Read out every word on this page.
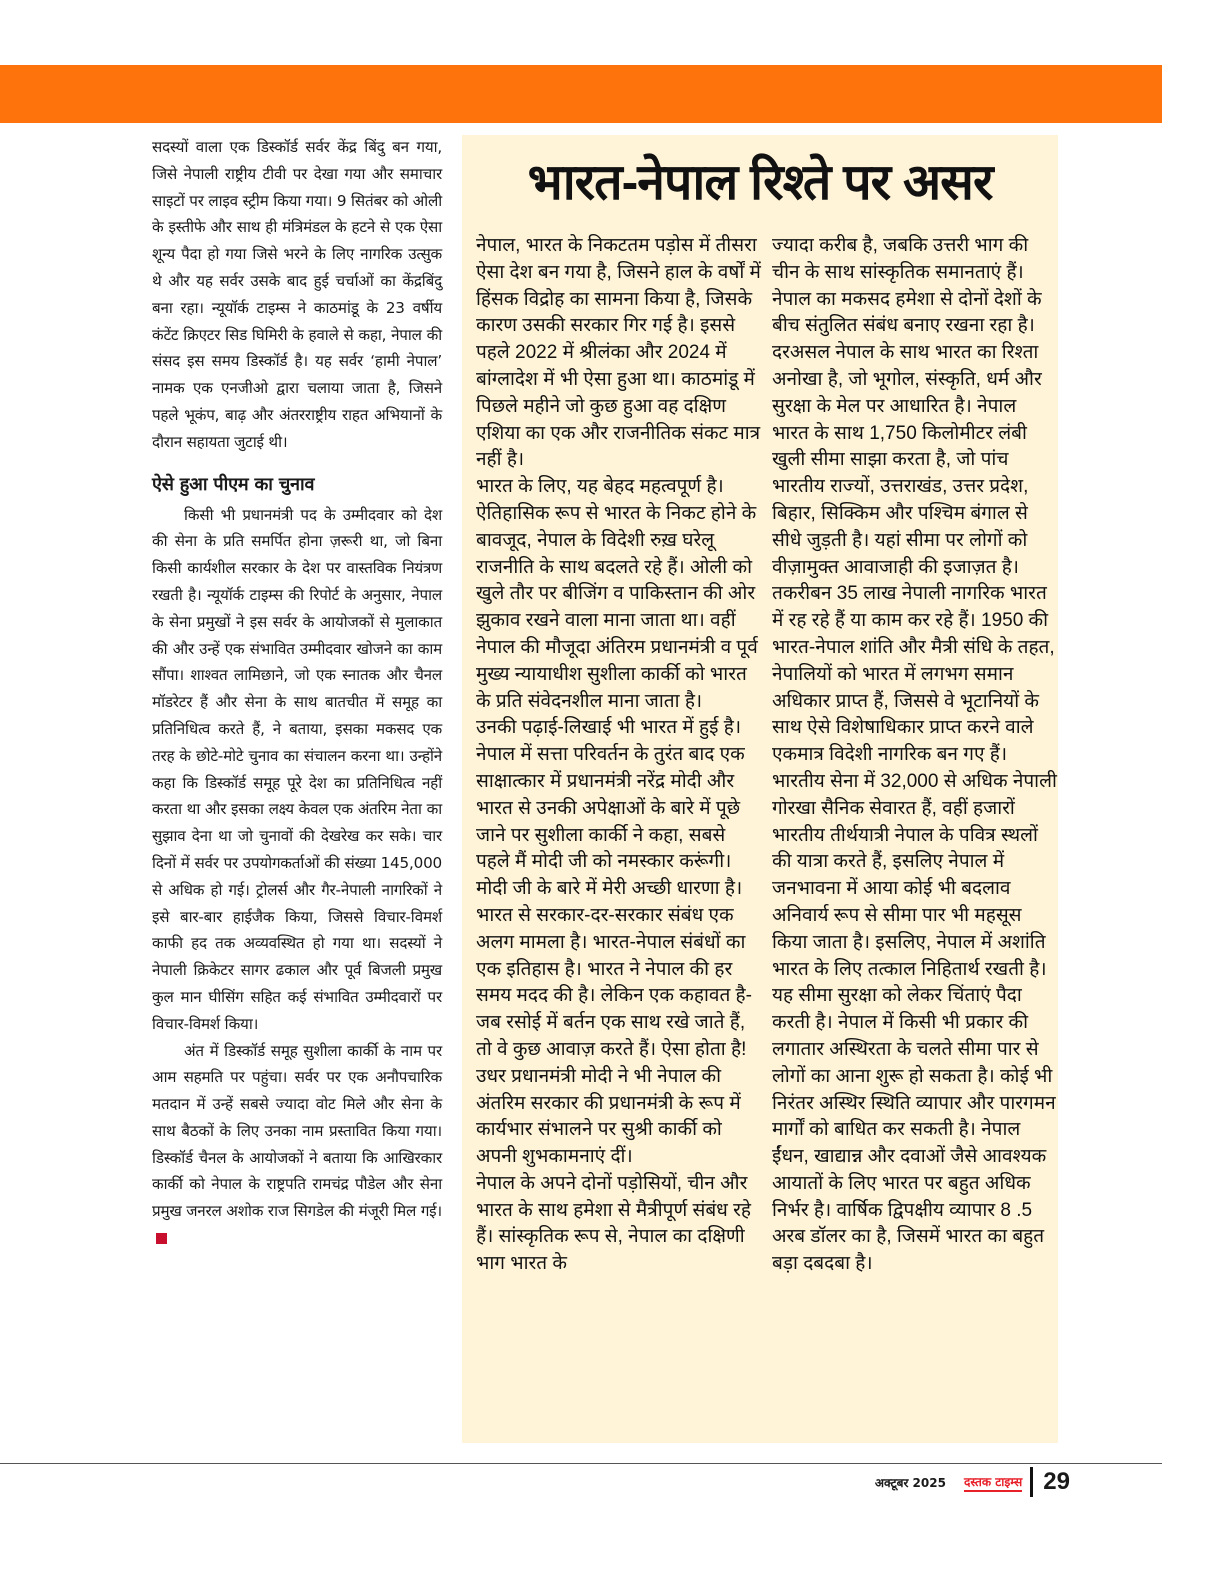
सदस्यों वाला एक डिस्कॉर्ड सर्वर केंद्र बिंदु बन गया, जिसे नेपाली राष्ट्रीय टीवी पर देखा गया और समाचार साइटों पर लाइव स्ट्रीम किया गया। 9 सितंबर को ओली के इस्तीफे और साथ ही मंत्रिमंडल के हटने से एक ऐसा शून्य पैदा हो गया जिसे भरने के लिए नागरिक उत्सुक थे और यह सर्वर उसके बाद हुई चर्चाओं का केंद्रबिंदु बना रहा। न्यूयॉर्क टाइम्स ने काठमांडू के 23 वर्षीय कंटेंट क्रिएटर सिड घिमिरी के हवाले से कहा, नेपाल की संसद इस समय डिस्कॉर्ड है। यह सर्वर ‘हामी नेपाल’ नामक एक एनजीओ द्वारा चलाया जाता है, जिसने पहले भूकंप, बाढ़ और अंतरराष्ट्रीय राहत अभियानों के दौरान सहायता जुटाई थी।

ऐसे हुआ पीएम का चुनाव

किसी भी प्रधानमंत्री पद के उम्मीदवार को देश की सेना के प्रति समर्पित होना ज़रूरी था, जो बिना किसी कार्यशील सरकार के देश पर वास्तविक नियंत्रण रखती है। न्यूयॉर्क टाइम्स की रिपोर्ट के अनुसार, नेपाल के सेना प्रमुखों ने इस सर्वर के आयोजकों से मुलाकात की और उन्हें एक संभावित उम्मीदवार खोजने का काम सौंपा। शाश्वत लामिछाने, जो एक स्नातक और चैनल मॉडरेटर हैं और सेना के साथ बातचीत में समूह का प्रतिनिधित्व करते हैं, ने बताया, इसका मकसद एक तरह के छोटे-मोटे चुनाव का संचालन करना था। उन्होंने कहा कि डिस्कॉर्ड समूह पूरे देश का प्रतिनिधित्व नहीं करता था और इसका लक्ष्य केवल एक अंतरिम नेता का सुझाव देना था जो चुनावों की देखरेख कर सके। चार दिनों में सर्वर पर उपयोगकर्ताओं की संख्या 145,000 से अधिक हो गई। ट्रोलर्स और गैर-नेपाली नागरिकों ने इसे बार-बार हाईजैक किया, जिससे विचार-विमर्श काफी हद तक अव्यवस्थित हो गया था। सदस्यों ने नेपाली क्रिकेटर सागर ढकाल और पूर्व बिजली प्रमुख कुल मान घीसिंग सहित कई संभावित उम्मीदवारों पर विचार-विमर्श किया।

अंत में डिस्कॉर्ड समूह सुशीला कार्की के नाम पर आम सहमति पर पहुंचा। सर्वर पर एक अनौपचारिक मतदान में उन्हें सबसे ज्यादा वोट मिले और सेना के साथ बैठकों के लिए उनका नाम प्रस्तावित किया गया। डिस्कॉर्ड चैनल के आयोजकों ने बताया कि आखिरकार कार्की को नेपाल के राष्ट्रपति रामचंद्र पौडेल और सेना प्रमुख जनरल अशोक राज सिगडेल की मंजूरी मिल गई।

भारत-नेपाल रिश्ते पर असर

नेपाल, भारत के निकटतम पड़ोस में तीसरा ऐसा देश बन गया है, जिसने हाल के वर्षों में हिंसक विद्रोह का सामना किया है, जिसके कारण उसकी सरकार गिर गई है। इससे पहले 2022 में श्रीलंका और 2024 में बांग्लादेश में भी ऐसा हुआ था। काठमांडू में पिछले महीने जो कुछ हुआ वह दक्षिण एशिया का एक और राजनीतिक संकट मात्र नहीं है।

भारत के लिए, यह बेहद महत्वपूर्ण है। ऐतिहासिक रूप से भारत के निकट होने के बावजूद, नेपाल के विदेशी रुख़ घरेलू राजनीति के साथ बदलते रहे हैं। ओली को खुले तौर पर बीजिंग व पाकिस्तान की ओर झुकाव रखने वाला माना जाता था। वहीं नेपाल की मौजूदा अंतिरम प्रधानमंत्री व पूर्व मुख्य न्यायाधीश सुशीला कार्की को भारत के प्रति संवेदनशील माना जाता है।

उनकी पढ़ाई-लिखाई भी भारत में हुई है। नेपाल में सत्ता परिवर्तन के तुरंत बाद एक साक्षात्कार में प्रधानमंत्री नरेंद्र मोदी और भारत से उनकी अपेक्षाओं के बारे में पूछे जाने पर सुशीला कार्की ने कहा, सबसे पहले मैं मोदी जी को नमस्कार करूंगी। मोदी जी के बारे में मेरी अच्छी धारणा है। भारत से सरकार-दर-सरकार संबंध एक अलग मामला है। भारत-नेपाल संबंधों का एक इतिहास है। भारत ने नेपाल की हर समय मदद की है। लेकिन एक कहावत है- जब रसोई में बर्तन एक साथ रखे जाते हैं, तो वे कुछ आवाज़ करते हैं। ऐसा होता है! उधर प्रधानमंत्री मोदी ने भी नेपाल की अंतरिम सरकार की प्रधानमंत्री के रूप में कार्यभार संभालने पर सुश्री कार्की को अपनी शुभकामनाएं दीं।

नेपाल के अपने दोनों पड़ोसियों, चीन और भारत के साथ हमेशा से मैत्रीपूर्ण संबंध रहे हैं। सांस्कृतिक रूप से, नेपाल का दक्षिणी भाग भारत के

ज्यादा करीब है, जबकि उत्तरी भाग की चीन के साथ सांस्कृतिक समानताएं हैं। नेपाल का मकसद हमेशा से दोनों देशों के बीच संतुलित संबंध बनाए रखना रहा है। दरअसल नेपाल के साथ भारत का रिश्ता अनोखा है, जो भूगोल, संस्कृति, धर्म और सुरक्षा के मेल पर आधारित है। नेपाल भारत के साथ 1,750 किलोमीटर लंबी खुली सीमा साझा करता है, जो पांच भारतीय राज्यों, उत्तराखंड, उत्तर प्रदेश, बिहार, सिक्किम और पश्चिम बंगाल से सीधे जुड़ती है। यहां सीमा पर लोगों को वीज़ामुक्त आवाजाही की इजाज़त है। तकरीबन 35 लाख नेपाली नागरिक भारत में रह रहे हैं या काम कर रहे हैं। 1950 की भारत-नेपाल शांति और मैत्री संधि के तहत, नेपालियों को भारत में लगभग समान अधिकार प्राप्त हैं, जिससे वे भूटानियों के साथ ऐसे विशेषाधिकार प्राप्त करने वाले एकमात्र विदेशी नागरिक बन गए हैं। भारतीय सेना में 32,000 से अधिक नेपाली गोरखा सैनिक सेवारत हैं, वहीं हजारों भारतीय तीर्थयात्री नेपाल के पवित्र स्थलों की यात्रा करते हैं, इसलिए नेपाल में जनभावना में आया कोई भी बदलाव अनिवार्य रूप से सीमा पार भी महसूस किया जाता है। इसलिए, नेपाल में अशांति भारत के लिए तत्काल निहितार्थ रखती है। यह सीमा सुरक्षा को लेकर चिंताएं पैदा करती है। नेपाल में किसी भी प्रकार की लगातार अस्थिरता के चलते सीमा पार से लोगों का आना शुरू हो सकता है। कोई भी निरंतर अस्थिर स्थिति व्यापार और पारगमन मार्गों को बाधित कर सकती है। नेपाल ईंधन, खाद्यान्न और दवाओं जैसे आवश्यक आयातों के लिए भारत पर बहुत अधिक निर्भर है। वार्षिक द्विपक्षीय व्यापार 8 .5 अरब डॉलर का है, जिसमें भारत का बहुत बड़ा दबदबा है।

अक्टूबर 2025 दस्तक टाइम्स 29
